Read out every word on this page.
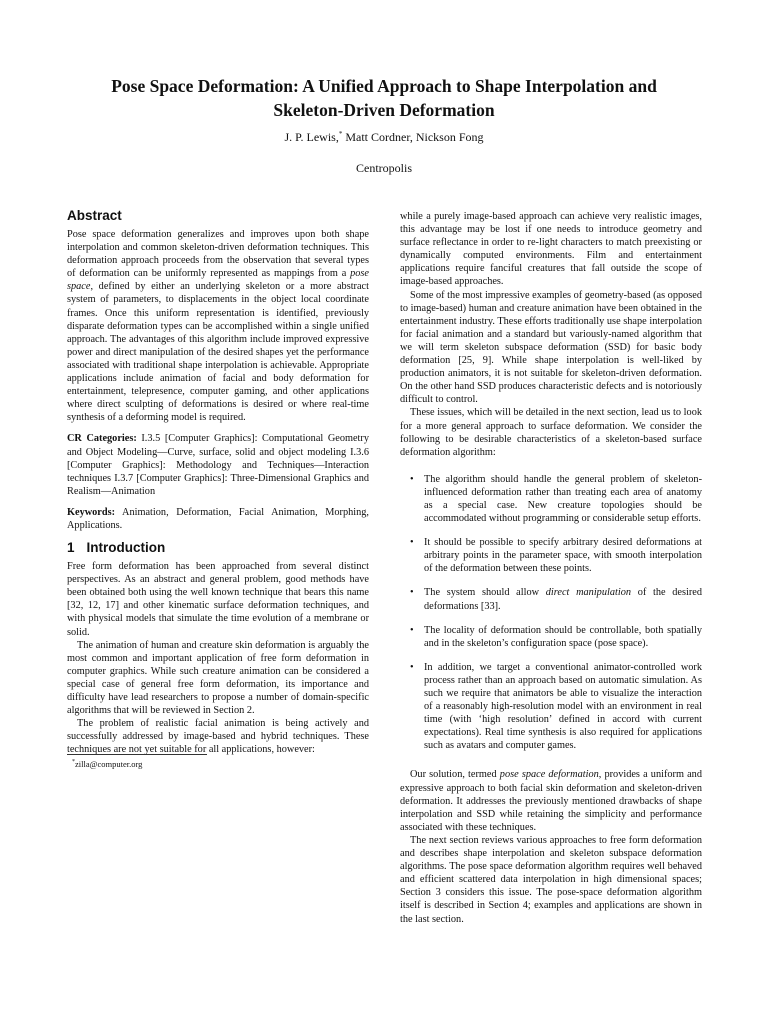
Pose Space Deformation: A Unified Approach to Shape Interpolation and
Skeleton-Driven Deformation
J. P. Lewis,* Matt Cordner, Nickson Fong
Centropolis
Abstract

Pose space deformation generalizes and improves upon both shape interpolation and common skeleton-driven deformation techniques. This deformation approach proceeds from the observation that several types of deformation can be uniformly represented as mappings from a pose space, defined by either an underlying skeleton or a more abstract system of parameters, to displacements in the object local coordinate frames. Once this uniform representation is identified, previously disparate deformation types can be accomplished within a single unified approach. The advantages of this algorithm include improved expressive power and direct manipulation of the desired shapes yet the performance associated with traditional shape interpolation is achievable. Appropriate applications include animation of facial and body deformation for entertainment, telepresence, computer gaming, and other applications where direct sculpting of deformations is desired or where real-time synthesis of a deforming model is required.

CR Categories: I.3.5 [Computer Graphics]: Computational Geometry and Object Modeling—Curve, surface, solid and object modeling I.3.6 [Computer Graphics]: Methodology and Techniques—Interaction techniques I.3.7 [Computer Graphics]: Three-Dimensional Graphics and Realism—Animation

Keywords: Animation, Deformation, Facial Animation, Morphing, Applications.

1 Introduction

Free form deformation has been approached from several distinct perspectives. As an abstract and general problem, good methods have been obtained both using the well known technique that bears this name [32, 12, 17] and other kinematic surface deformation techniques, and with physical models that simulate the time evolution of a membrane or solid.

The animation of human and creature skin deformation is arguably the most common and important application of free form deformation in computer graphics. While such creature animation can be considered a special case of general free form deformation, its importance and difficulty have lead researchers to propose a number of domain-specific algorithms that will be reviewed in Section 2.

The problem of realistic facial animation is being actively and successfully addressed by image-based and hybrid techniques. These techniques are not yet suitable for all applications, however:

*zilla@computer.org

while a purely image-based approach can achieve very realistic images, this advantage may be lost if one needs to introduce geometry and surface reflectance in order to re-light characters to match preexisting or dynamically computed environments. Film and entertainment applications require fanciful creatures that fall outside the scope of image-based approaches.

Some of the most impressive examples of geometry-based (as opposed to image-based) human and creature animation have been obtained in the entertainment industry. These efforts traditionally use shape interpolation for facial animation and a standard but variously-named algorithm that we will term skeleton subspace deformation (SSD) for basic body deformation [25, 9]. While shape interpolation is well-liked by production animators, it is not suitable for skeleton-driven deformation. On the other hand SSD produces characteristic defects and is notoriously difficult to control.

These issues, which will be detailed in the next section, lead us to look for a more general approach to surface deformation. We consider the following to be desirable characteristics of a skeleton-based surface deformation algorithm:

• The algorithm should handle the general problem of skeleton-influenced deformation rather than treating each area of anatomy as a special case. New creature topologies should be accommodated without programming or considerable setup efforts.
• It should be possible to specify arbitrary desired deformations at arbitrary points in the parameter space, with smooth interpolation of the deformation between these points.
• The system should allow direct manipulation of the desired deformations [33].
• The locality of deformation should be controllable, both spatially and in the skeleton’s configuration space (pose space).
• In addition, we target a conventional animator-controlled work process rather than an approach based on automatic simulation. As such we require that animators be able to visualize the interaction of a reasonably high-resolution model with an environment in real time (with ‘high resolution’ defined in accord with current expectations). Real time synthesis is also required for applications such as avatars and computer games.

Our solution, termed pose space deformation, provides a uniform and expressive approach to both facial skin deformation and skeleton-driven deformation. It addresses the previously mentioned drawbacks of shape interpolation and SSD while retaining the simplicity and performance associated with these techniques.

The next section reviews various approaches to free form deformation and describes shape interpolation and skeleton subspace deformation algorithms. The pose space deformation algorithm requires well behaved and efficient scattered data interpolation in high dimensional spaces; Section 3 considers this issue. The pose-space deformation algorithm itself is described in Section 4; examples and applications are shown in the last section.
